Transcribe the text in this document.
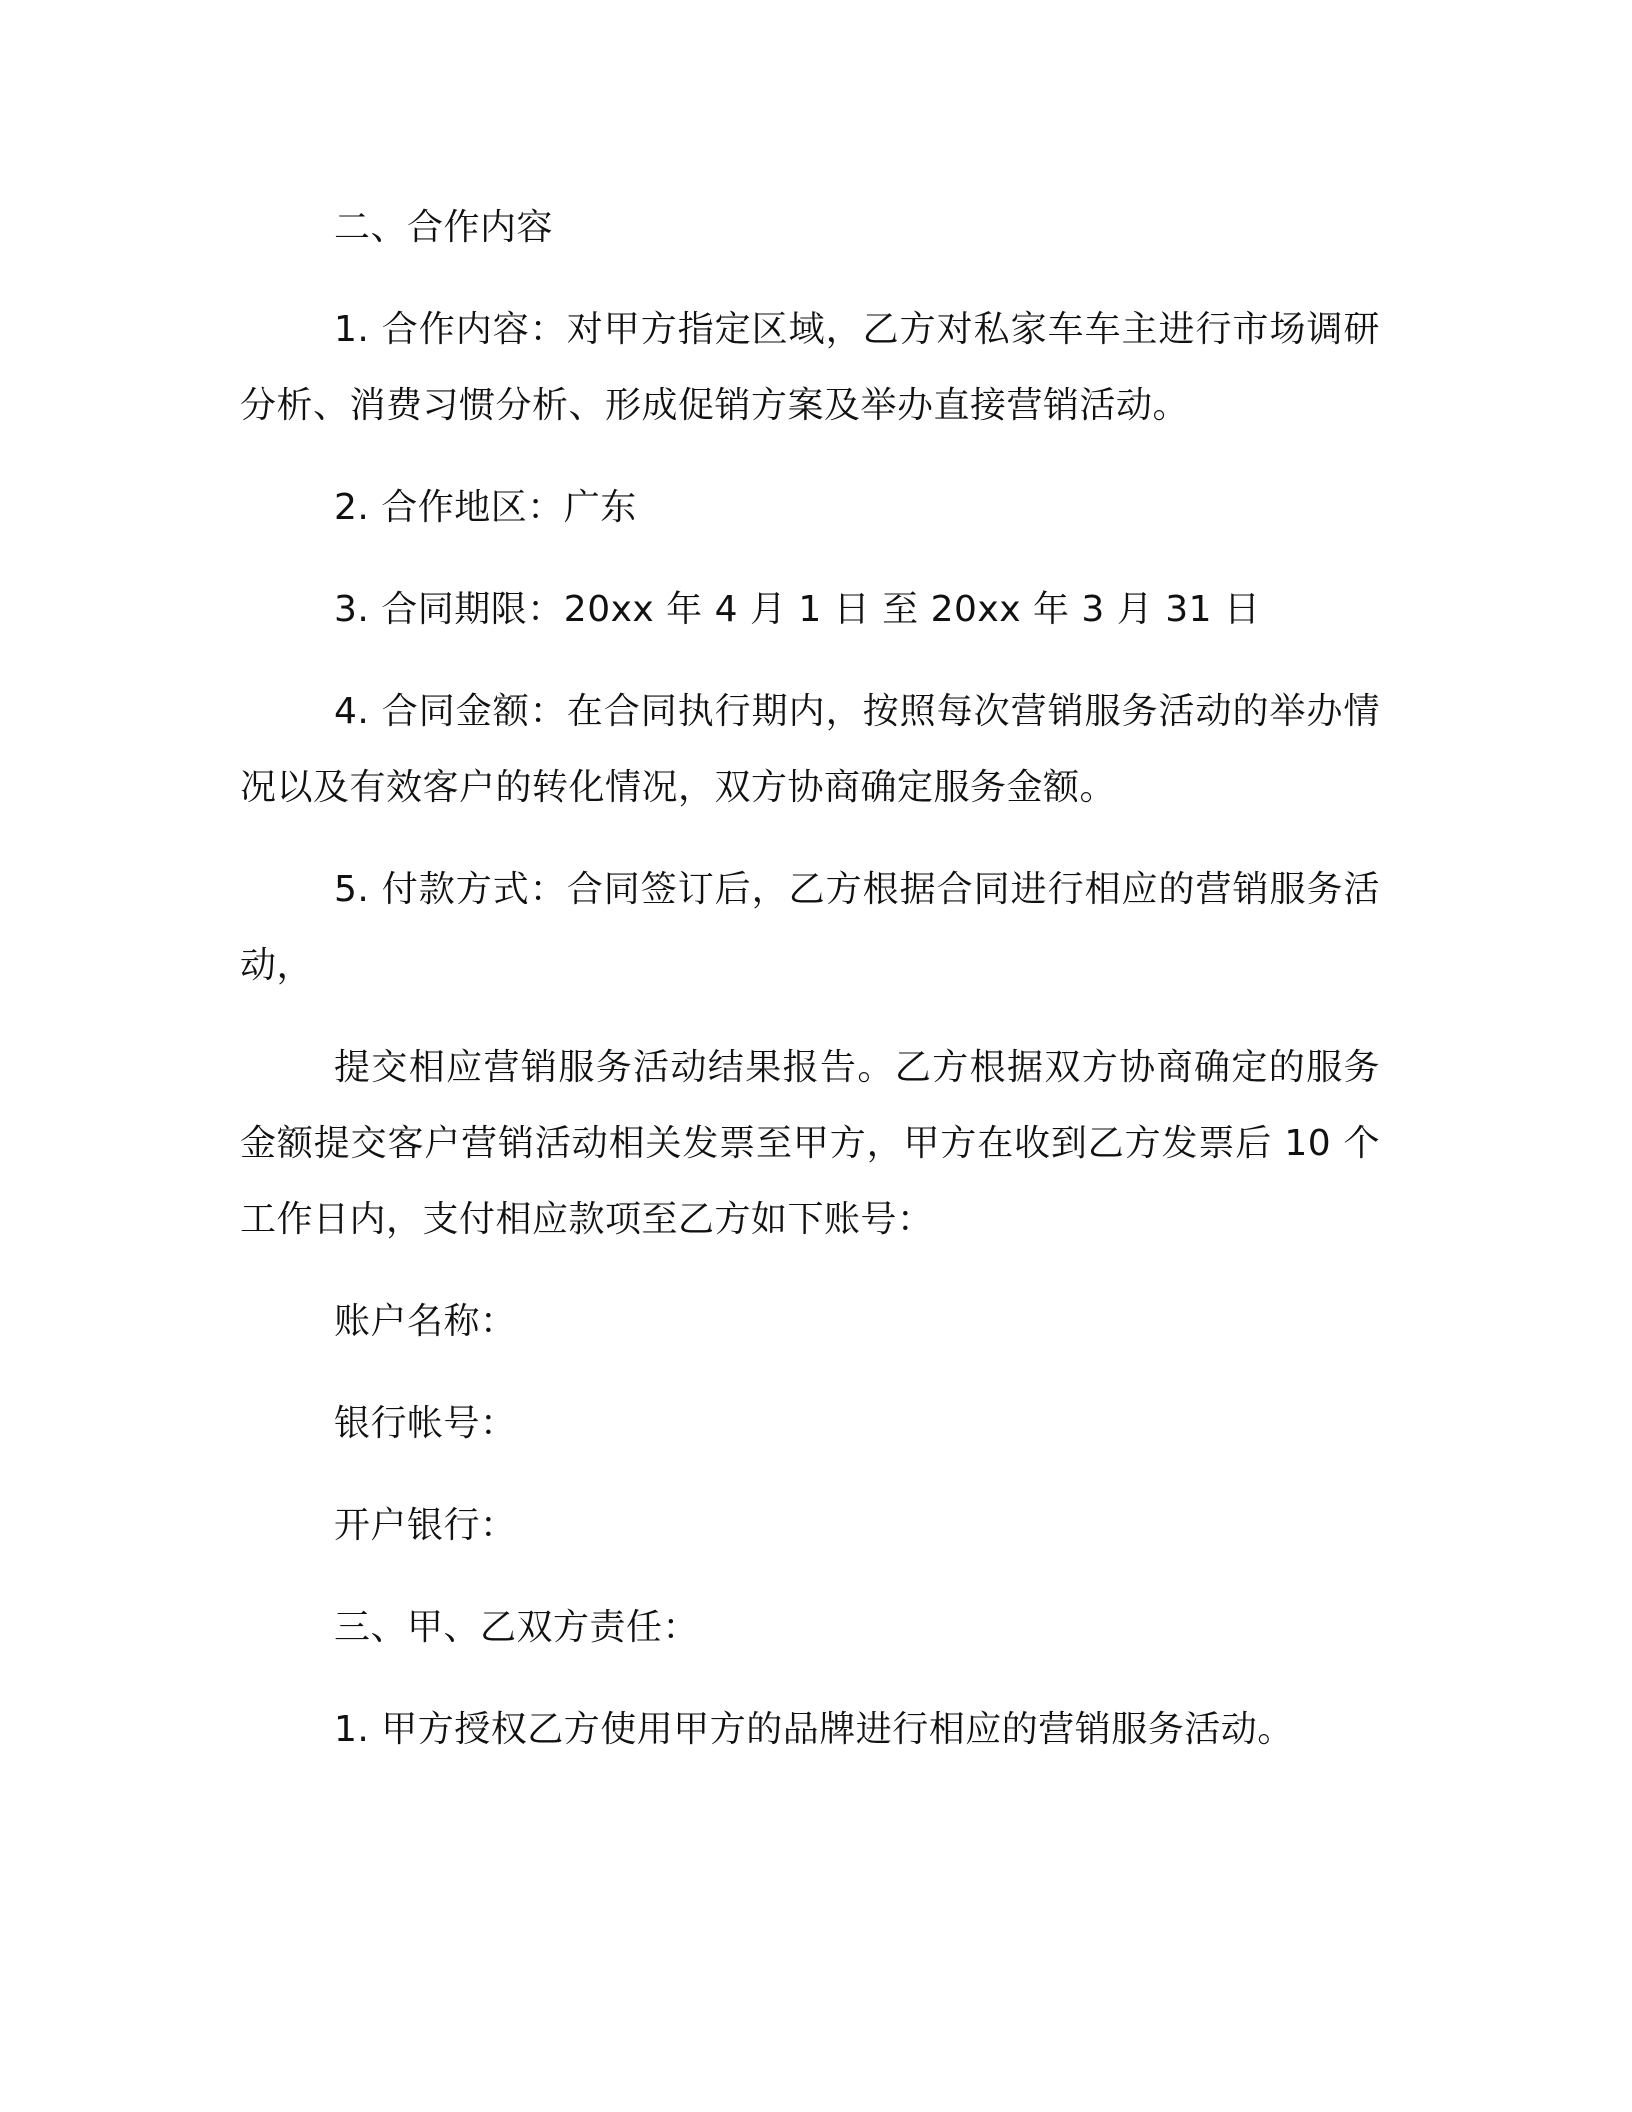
二、合作内容

1. 合作内容：对甲方指定区域，乙方对私家车车主进行市场调研分析、消费习惯分析、形成促销方案及举办直接营销活动。

2. 合作地区：广东

3. 合同期限：20xx 年 4 月 1 日 至 20xx 年 3 月 31 日

4. 合同金额：在合同执行期内，按照每次营销服务活动的举办情况以及有效客户的转化情况，双方协商确定服务金额。

5. 付款方式：合同签订后，乙方根据合同进行相应的营销服务活动，

提交相应营销服务活动结果报告。乙方根据双方协商确定的服务金额提交客户营销活动相关发票至甲方，甲方在收到乙方发票后 10 个工作日内，支付相应款项至乙方如下账号：

账户名称：

银行帐号：

开户银行：

三、甲、乙双方责任：

1. 甲方授权乙方使用甲方的品牌进行相应的营销服务活动。
